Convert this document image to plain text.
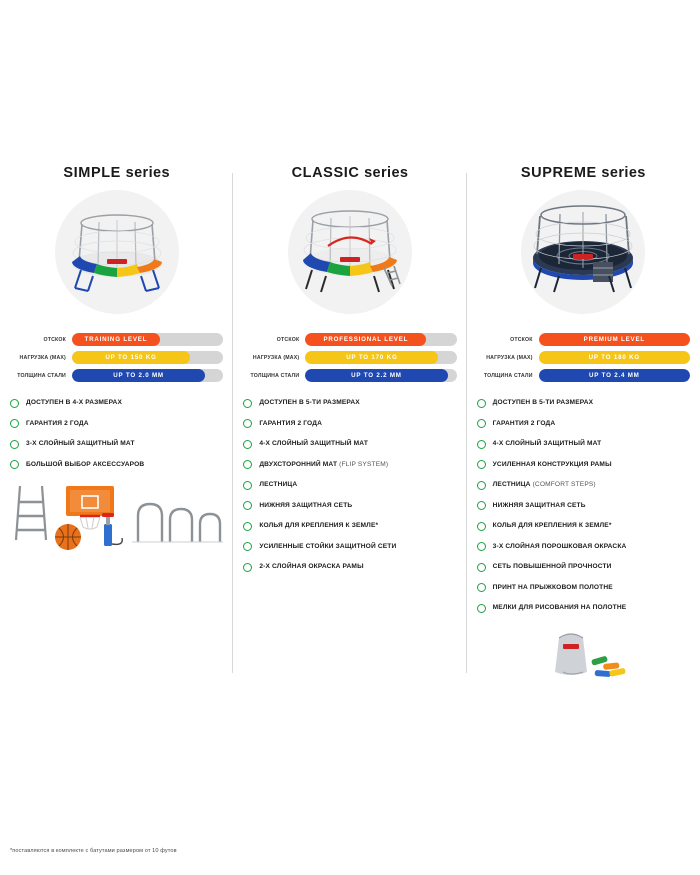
SIMPLE series
ОТСКОК	TRAINING LEVEL
НАГРУЗКА (MAX)	UP TO 150 KG
ТОЛЩИНА СТАЛИ	UP TO 2.0 MM
ДОСТУПЕН В 4-Х РАЗМЕРАХ
ГАРАНТИЯ 2 ГОДА
3-Х СЛОЙНЫЙ ЗАЩИТНЫЙ МАТ
БОЛЬШОЙ ВЫБОР АКСЕССУАРОВ
*поставляются в комплекте с батутами размером от 10 футов
CLASSIC series
ОТСКОК	PROFESSIONAL LEVEL
НАГРУЗКА (MAX)	UP TO 170 KG
ТОЛЩИНА СТАЛИ	UP TO 2.2 MM
ДОСТУПЕН В 5-ТИ РАЗМЕРАХ
ГАРАНТИЯ 2 ГОДА
4-Х СЛОЙНЫЙ ЗАЩИТНЫЙ МАТ
ДВУХСТОРОННИЙ МАТ (FLIP SYSTEM)
ЛЕСТНИЦА
НИЖНЯЯ ЗАЩИТНАЯ СЕТЬ
КОЛЬЯ ДЛЯ КРЕПЛЕНИЯ К ЗЕМЛЕ*
УСИЛЕННЫЕ СТОЙКИ ЗАЩИТНОЙ СЕТИ
2-Х СЛОЙНАЯ ОКРАСКА РАМЫ
SUPREME series
ОТСКОК	PREMIUM LEVEL
НАГРУЗКА (MAX)	UP TO 180 KG
ТОЛЩИНА СТАЛИ	UP TO 2.4 MM
ДОСТУПЕН В 5-ТИ РАЗМЕРАХ
ГАРАНТИЯ 2 ГОДА
4-Х СЛОЙНЫЙ ЗАЩИТНЫЙ МАТ
УСИЛЕННАЯ КОНСТРУКЦИЯ РАМЫ
ЛЕСТНИЦА (COMFORT STEPS)
НИЖНЯЯ ЗАЩИТНАЯ СЕТЬ
КОЛЬЯ ДЛЯ КРЕПЛЕНИЯ К ЗЕМЛЕ*
3-Х СЛОЙНАЯ ПОРОШКОВАЯ ОКРАСКА
СЕТЬ ПОВЫШЕННОЙ ПРОЧНОСТИ
ПРИНТ НА ПРЫЖКОВОМ ПОЛОТНЕ
МЕЛКИ ДЛЯ РИСОВАНИЯ НА ПОЛОТНЕ
